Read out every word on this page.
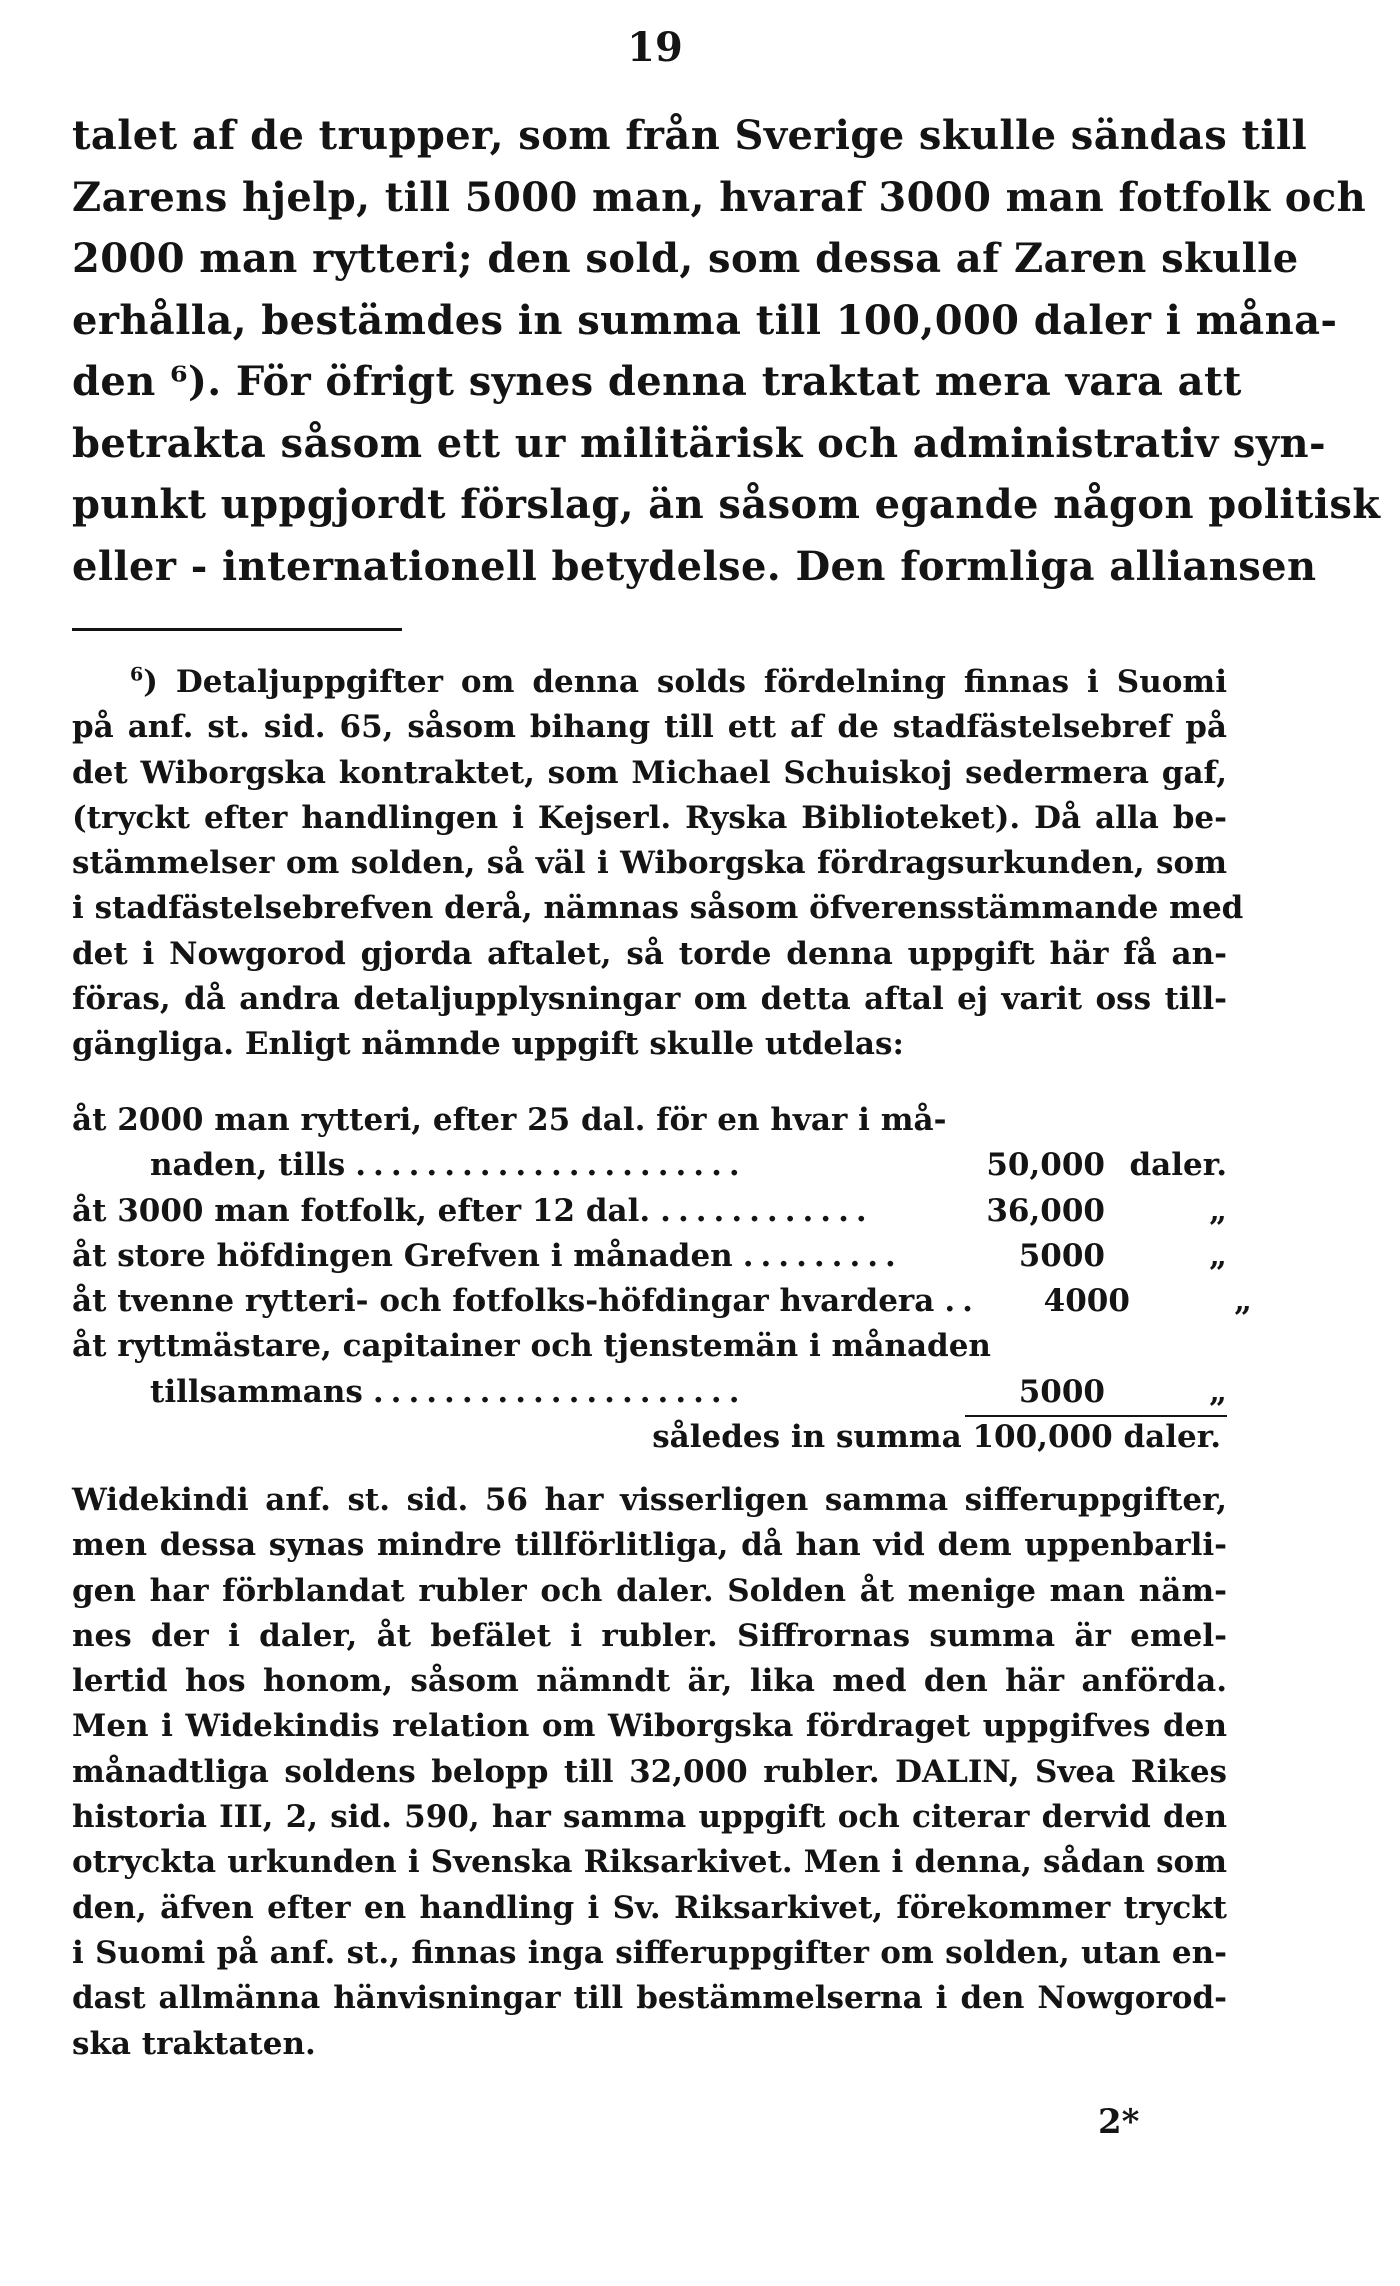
19
talet af de trupper, som från Sverige skulle sändas till
Zarens hjelp, till 5000 man, hvaraf 3000 man fotfolk och
2000 man rytteri; den sold, som dessa af Zaren skulle
erhålla, bestämdes in summa till 100,000 daler i måna-
den ⁶). För öfrigt synes denna traktat mera vara att
betrakta såsom ett ur militärisk och administrativ syn-
punkt uppgjordt förslag, än såsom egande någon politisk
eller - internationell betydelse. Den formliga alliansen
$^6$) Detaljuppgifter om denna solds fördelning finnas i Suomi
på anf. st. sid. 65, såsom bihang till ett af de stadfästelsebref på
det Wiborgska kontraktet, som Michael Schuiskoj sedermera gaf,
(tryckt efter handlingen i Kejserl. Ryska Biblioteket). Då alla be-
stämmelser om solden, så väl i Wiborgska fördragsurkunden, som
i stadfästelsebrefven derå, nämnas såsom öfverensstämmande med
det i Nowgorod gjorda aftalet, så torde denna uppgift här få an-
föras, då andra detaljupplysningar om detta aftal ej varit oss till-
gängliga. Enligt nämnde uppgift skulle utdelas:
åt 2000 man rytteri, efter 25 dal. för en hvar i må-
naden, tills ......................	50,000 daler.
åt 3000 man fotfolk, efter 12 dal. ............	36,000	„
åt store höfdingen Grefven i månaden .........	5000	„
åt tvenne rytteri- och fotfolks-höfdingar hvardera ..	4000	„
åt ryttmästare, capitainer och tjenstemän i månaden
tillsammans .....................	5000	„
således in summa 100,000 daler.
Widekindi anf. st. sid. 56 har visserligen samma sifferuppgifter,
men dessa synas mindre tillförlitliga, då han vid dem uppenbarli-
gen har förblandat rubler och daler. Solden åt menige man näm-
nes der i daler, åt befälet i rubler. Siffrornas summa är emel-
lertid hos honom, såsom nämndt är, lika med den här anförda.
Men i Widekindis relation om Wiborgska fördraget uppgifves den
månadtliga soldens belopp till 32,000 rubler. DALIN, Svea Rikes
historia III, 2, sid. 590, har samma uppgift och citerar dervid den
otryckta urkunden i Svenska Riksarkivet. Men i denna, sådan som
den, äfven efter en handling i Sv. Riksarkivet, förekommer tryckt
i Suomi på anf. st., finnas inga sifferuppgifter om solden, utan en-
dast allmänna hänvisningar till bestämmelserna i den Nowgorod-
ska traktaten.
2*
